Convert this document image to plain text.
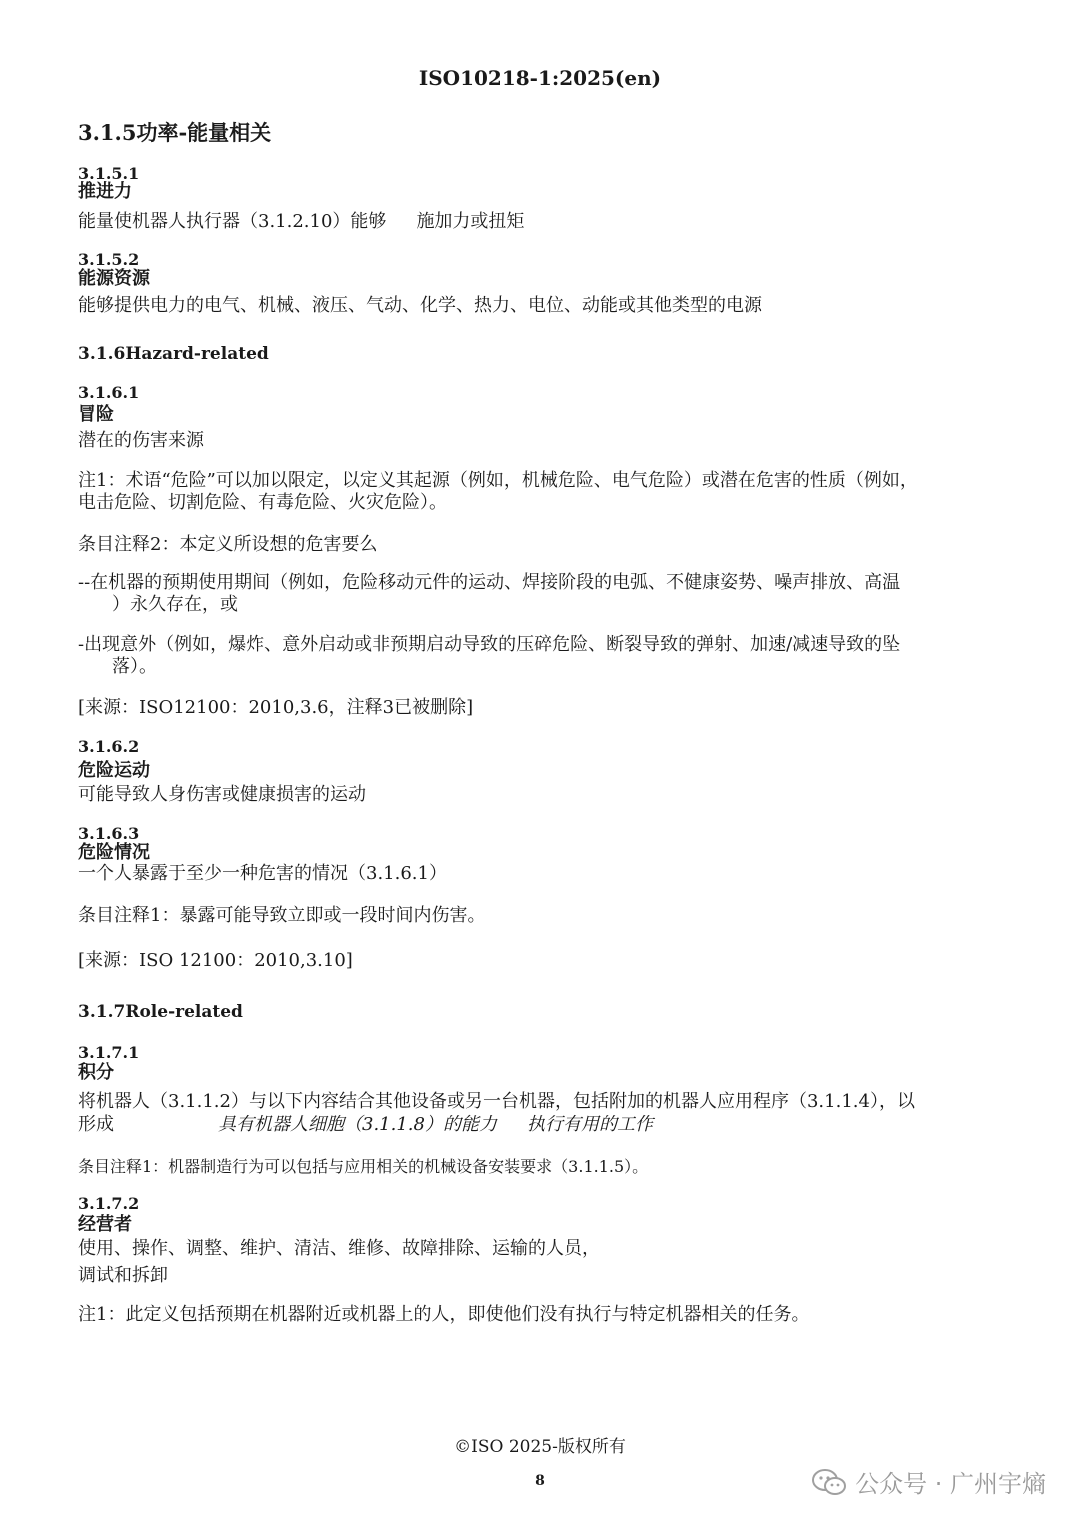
ISO10218-1:2025(en)
3.1.5功率-能量相关
3.1.5.1
推进力
能量使机器人执行器（3.1.2.10）能够 施加力或扭矩
3.1.5.2
能源资源
能够提供电力的电气、机械、液压、气动、化学、热力、电位、动能或其他类型的电源
3.1.6Hazard-related
3.1.6.1
冒险
潜在的伤害来源
注1：术语“危险”可以加以限定，以定义其起源（例如，机械危险、电气危险）或潜在危害的性质（例如，
电击危险、切割危险、有毒危险、火灾危险）。
条目注释2：本定义所设想的危害要么
--在机器的预期使用期间（例如，危险移动元件的运动、焊接阶段的电弧、不健康姿势、噪声排放、高温
）永久存在，或
-出现意外（例如，爆炸、意外启动或非预期启动导致的压碎危险、断裂导致的弹射、加速/减速导致的坠
落）。
[来源：ISO12100：2010,3.6，注释3已被删除]
3.1.6.2
危险运动
可能导致人身伤害或健康损害的运动
3.1.6.3
危险情况
一个人暴露于至少一种危害的情况（3.1.6.1）
条目注释1：暴露可能导致立即或一段时间内伤害。
[来源：ISO 12100：2010,3.10]
3.1.7Role-related
3.1.7.1
积分
将机器人（3.1.1.2）与以下内容结合其他设备或另一台机器，包括附加的机器人应用程序（3.1.1.4），以
形成	具有机器人细胞（3.1.1.8）的能力 执行有用的工作
条目注释1：机器制造行为可以包括与应用相关的机械设备安装要求（3.1.1.5）。
3.1.7.2
经营者
使用、操作、调整、维护、清洁、维修、故障排除、运输的人员，
调试和拆卸
注1：此定义包括预期在机器附近或机器上的人，即使他们没有执行与特定机器相关的任务。
©ISO 2025-版权所有
8	公众号 · 广州宇熵
